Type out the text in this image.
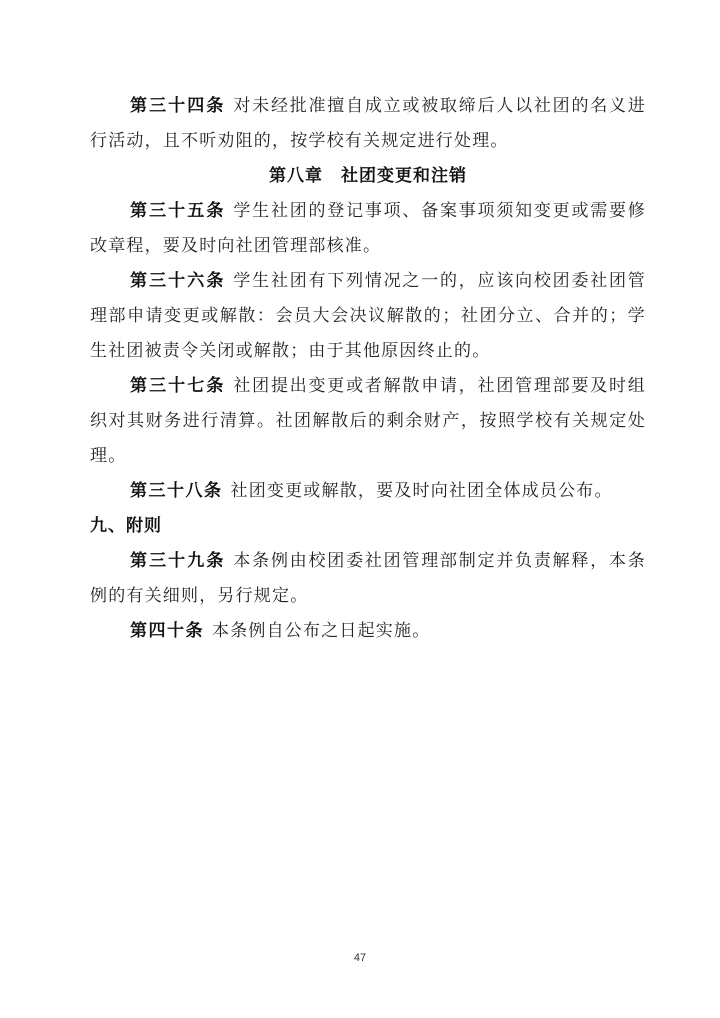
第三十四条 对未经批准擅自成立或被取缔后人以社团的名义进行活动，且不听劝阻的，按学校有关规定进行处理。

第八章　社团变更和注销

第三十五条 学生社团的登记事项、备案事项须知变更或需要修改章程，要及时向社团管理部核准。

第三十六条 学生社团有下列情况之一的，应该向校团委社团管理部申请变更或解散：会员大会决议解散的；社团分立、合并的；学生社团被责令关闭或解散；由于其他原因终止的。

第三十七条 社团提出变更或者解散申请，社团管理部要及时组织对其财务进行清算。社团解散后的剩余财产，按照学校有关规定处理。

第三十八条 社团变更或解散，要及时向社团全体成员公布。

九、附则

第三十九条 本条例由校团委社团管理部制定并负责解释，本条例的有关细则，另行规定。

第四十条 本条例自公布之日起实施。

47
